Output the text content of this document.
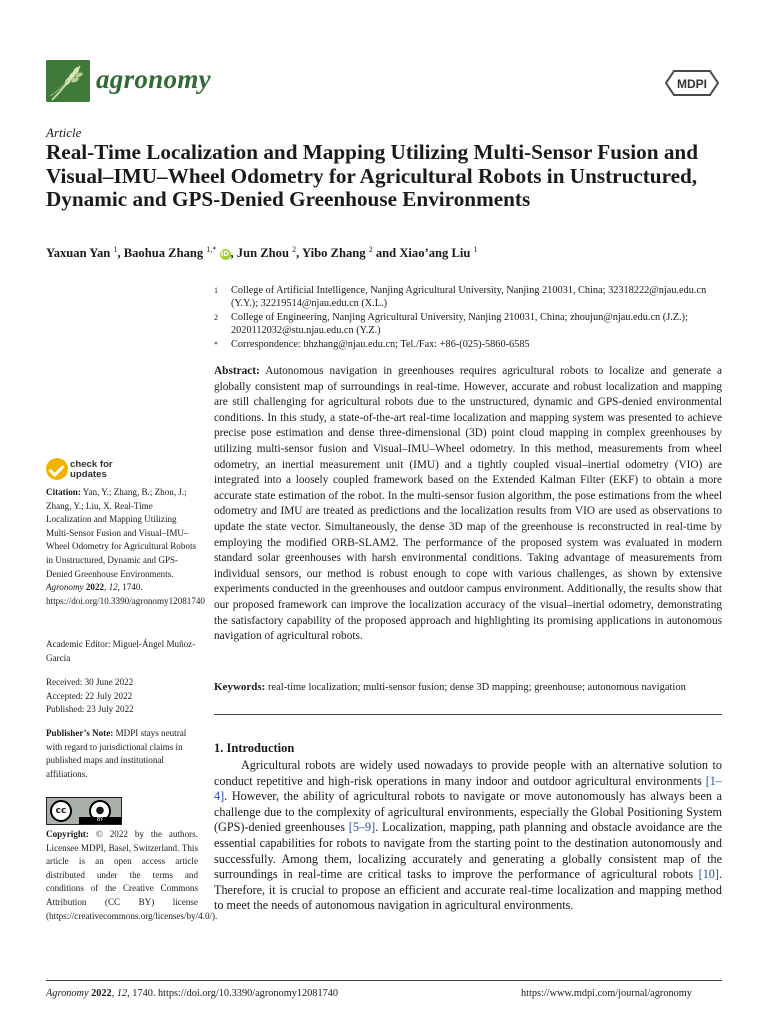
agronomy	MDPI
Article
Real-Time Localization and Mapping Utilizing Multi-Sensor Fusion and Visual–IMU–Wheel Odometry for Agricultural Robots in Unstructured, Dynamic and GPS-Denied Greenhouse Environments
Yaxuan Yan $^1$, Baohua Zhang $^{1,*}$ iD, Jun Zhou $^2$, Yibo Zhang $^2$ and Xiao’ang Liu $^1$
1	College of Artificial Intelligence, Nanjing Agricultural University, Nanjing 210031, China; 32318222@njau.edu.cn (Y.Y.); 32219514@njau.edu.cn (X.L.)
2	College of Engineering, Nanjing Agricultural University, Nanjing 210031, China; zhoujun@njau.edu.cn (J.Z.); 2020112032@stu.njau.edu.cn (Y.Z.)
*	Correspondence: bhzhang@njau.edu.cn; Tel./Fax: +86-(025)-5860-6585

Abstract: Autonomous navigation in greenhouses requires agricultural robots to localize and generate a globally consistent map of surroundings in real-time. However, accurate and robust localization and mapping are still challenging for agricultural robots due to the unstructured, dynamic and GPS-denied environmental conditions. In this study, a state-of-the-art real-time localization and mapping system was presented to achieve precise pose estimation and dense three-dimensional (3D) point cloud mapping in complex greenhouses by utilizing multi-sensor fusion and Visual–IMU–Wheel odometry. In this method, measurements from wheel odometry, an inertial measurement unit (IMU) and a tightly coupled visual–inertial odometry (VIO) are integrated into a loosely coupled framework based on the Extended Kalman Filter (EKF) to obtain a more accurate state estimation of the robot. In the multi-sensor fusion algorithm, the pose estimations from the wheel odometry and IMU are treated as predictions and the localization results from VIO are used as observations to update the state vector. Simultaneously, the dense 3D map of the greenhouse is reconstructed in real-time by employing the modified ORB-SLAM2. The performance of the proposed system was evaluated in modern standard solar greenhouses with harsh environmental conditions. Taking advantage of measurements from individual sensors, our method is robust enough to cope with various challenges, as shown by extensive experiments conducted in the greenhouses and outdoor campus environment. Additionally, the results show that our proposed framework can improve the localization accuracy of the visual–inertial odometry, demonstrating the satisfactory capability of the proposed approach and highlighting its promising applications in autonomous navigation of agricultural robots.

Keywords: real-time localization; multi-sensor fusion; dense 3D mapping; greenhouse; autonomous navigation
1. Introduction

Agricultural robots are widely used nowadays to provide people with an alternative solution to conduct repetitive and high-risk operations in many indoor and outdoor agricultural environments [1–4]. However, the ability of agricultural robots to navigate or move autonomously has always been a challenge due to the complexity of agricultural environments, especially the Global Positioning System (GPS)-denied greenhouses [5–9]. Localization, mapping, path planning and obstacle avoidance are the essential capabilities for robots to navigate from the starting point to the destination autonomously and successfully. Among them, localizing accurately and generating a globally consistent map of the surroundings in real-time are critical tasks to improve the performance of agricultural robots [10]. Therefore, it is crucial to propose an efficient and accurate real-time localization and mapping method to meet the needs of autonomous navigation in agricultural environments.

check for
updates
Citation: Yan, Y.; Zhang, B.; Zhou, J.; Zhang, Y.; Liu, X. Real-Time Localization and Mapping Utilizing Multi-Sensor Fusion and Visual–IMU–Wheel Odometry for Agricultural Robots in Unstructured, Dynamic and GPS-Denied Greenhouse Environments. Agronomy 2022, 12, 1740. https://doi.org/10.3390/agronomy12081740
Academic Editor: Miguel-Ángel Muñoz-García
Received: 30 June 2022
Accepted: 22 July 2022
Published: 23 July 2022
Publisher’s Note: MDPI stays neutral with regard to jurisdictional claims in published maps and institutional affiliations.
cc	●
BY
Copyright: © 2022 by the authors. Licensee MDPI, Basel, Switzerland. This article is an open access article distributed under the terms and conditions of the Creative Commons Attribution (CC BY) license (https://creativecommons.org/licenses/by/4.0/).
Agronomy 2022, 12, 1740. https://doi.org/10.3390/agronomy12081740	https://www.mdpi.com/journal/agronomy
